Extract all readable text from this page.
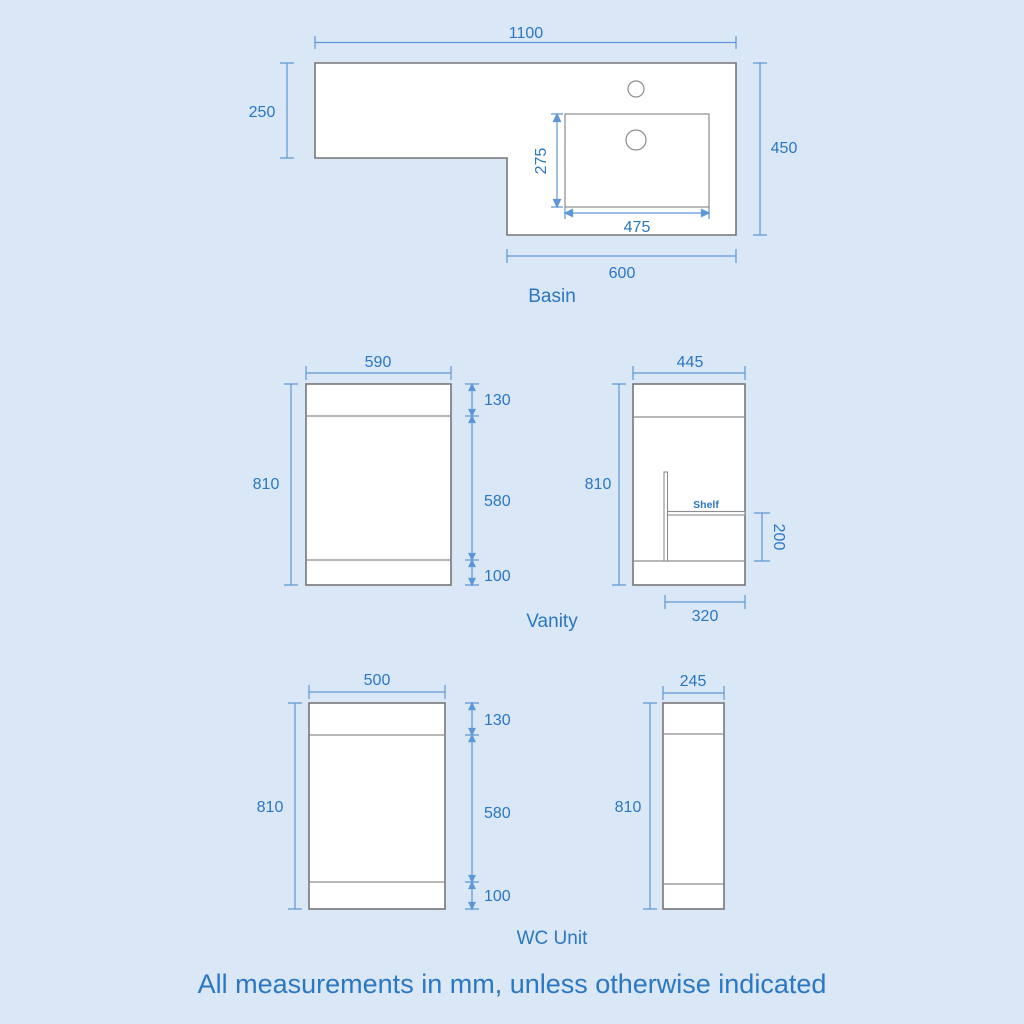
1100
250
450
600
475
275
Basin
590
810
130
580
100
Shelf
445
810
200
320
Vanity
500
810
130
580
100
245
810
WC Unit
All measurements in mm, unless otherwise indicated
